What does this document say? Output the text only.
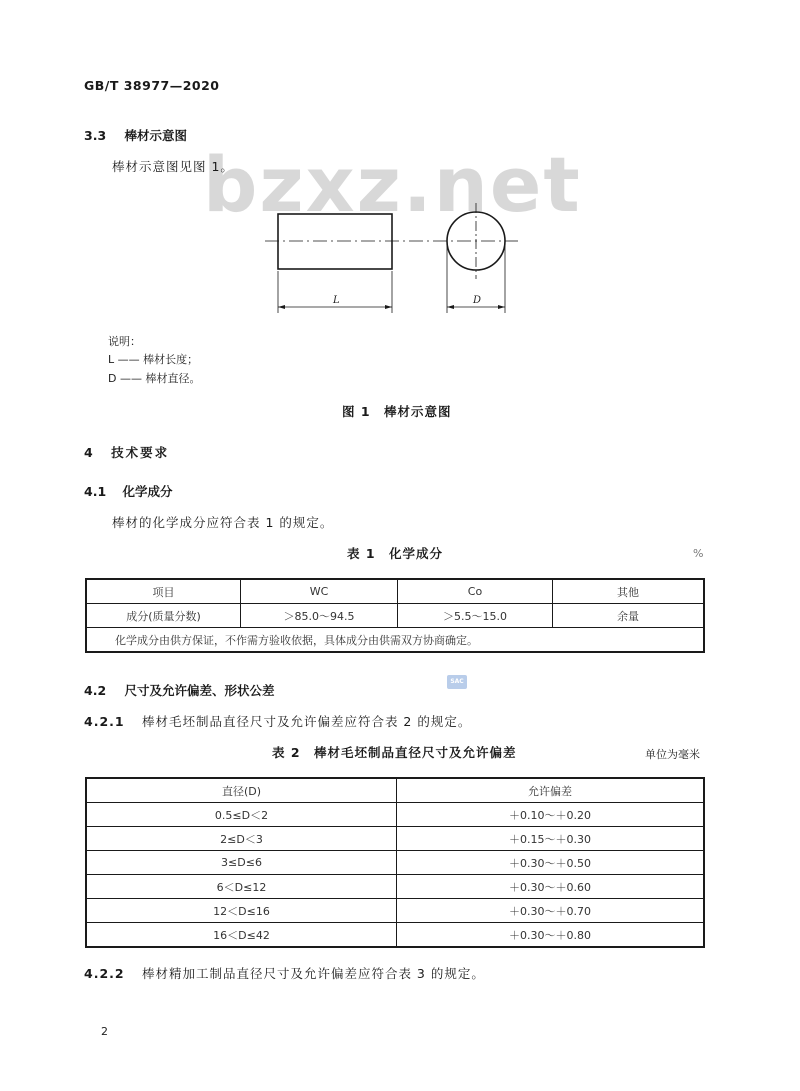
GB/T 38977—2020
bzxz.net
3.3 棒材示意图
棒材示意图见图 1。
L	D
说明：
L —— 棒材长度；
D —— 棒材直径。
图 1　棒材示意图
4 技术要求
4.1 化学成分
棒材的化学成分应符合表 1 的规定。
表 1　化学成分	%
项目	WC	Co	其他
成分(质量分数)	＞85.0～94.5	＞5.5～15.0	余量
化学成分由供方保证，不作需方验收依据，具体成分由供需双方协商确定。			
4.2 尺寸及允许偏差、形状公差
SAC
4.2.1 棒材毛坯制品直径尺寸及允许偏差应符合表 2 的规定。
表 2　棒材毛坯制品直径尺寸及允许偏差	单位为毫米
直径(D)	允许偏差
0.5≤D＜2	＋0.10～＋0.20
2≤D＜3	＋0.15～＋0.30
3≤D≤6	＋0.30～＋0.50
6＜D≤12	＋0.30～＋0.60
12＜D≤16	＋0.30～＋0.70
16＜D≤42	＋0.30～＋0.80
4.2.2 棒材精加工制品直径尺寸及允许偏差应符合表 3 的规定。
2
